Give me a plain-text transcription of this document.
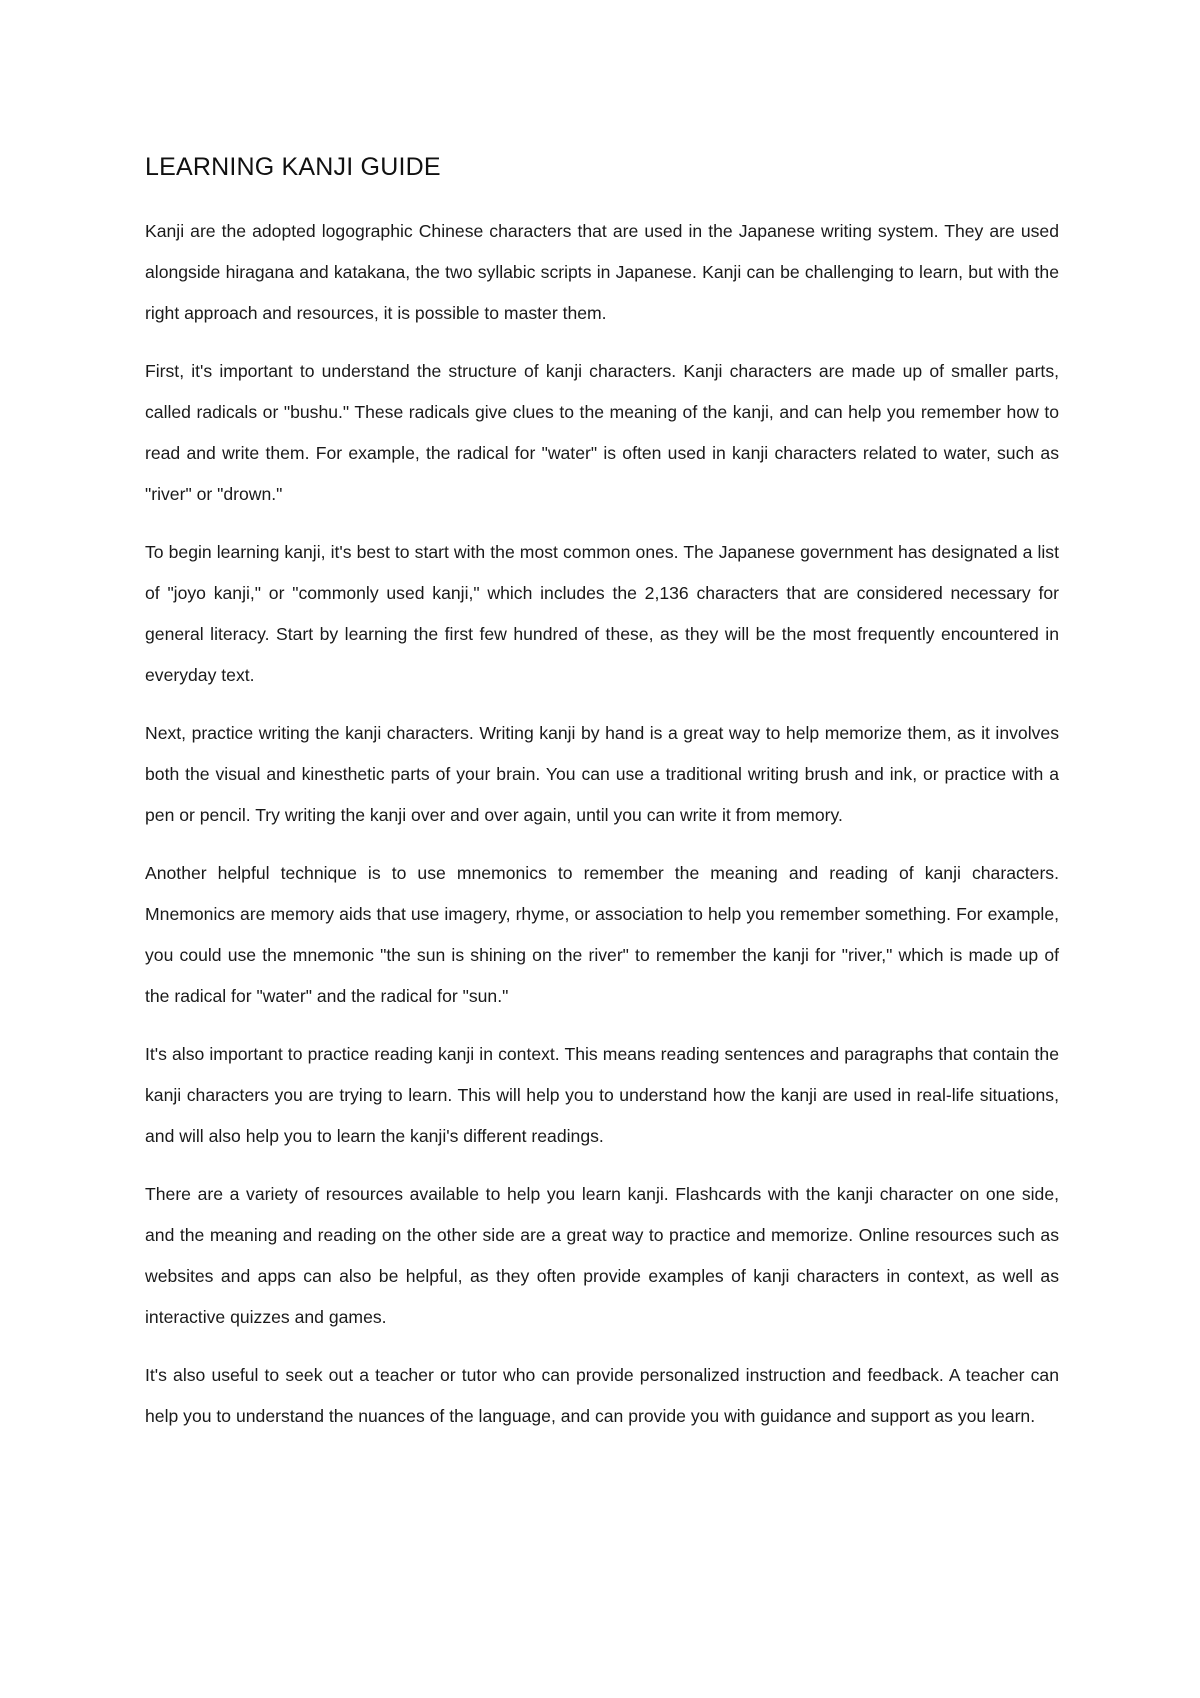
LEARNING KANJI GUIDE

Kanji are the adopted logographic Chinese characters that are used in the Japanese writing system. They are used alongside hiragana and katakana, the two syllabic scripts in Japanese. Kanji can be challenging to learn, but with the right approach and resources, it is possible to master them.

First, it's important to understand the structure of kanji characters. Kanji characters are made up of smaller parts, called radicals or "bushu." These radicals give clues to the meaning of the kanji, and can help you remember how to read and write them. For example, the radical for "water" is often used in kanji characters related to water, such as "river" or "drown."

To begin learning kanji, it's best to start with the most common ones. The Japanese government has designated a list of "joyo kanji," or "commonly used kanji," which includes the 2,136 characters that are considered necessary for general literacy. Start by learning the first few hundred of these, as they will be the most frequently encountered in everyday text.

Next, practice writing the kanji characters. Writing kanji by hand is a great way to help memorize them, as it involves both the visual and kinesthetic parts of your brain. You can use a traditional writing brush and ink, or practice with a pen or pencil. Try writing the kanji over and over again, until you can write it from memory.

Another helpful technique is to use mnemonics to remember the meaning and reading of kanji characters. Mnemonics are memory aids that use imagery, rhyme, or association to help you remember something. For example, you could use the mnemonic "the sun is shining on the river" to remember the kanji for "river," which is made up of the radical for "water" and the radical for "sun."

It's also important to practice reading kanji in context. This means reading sentences and paragraphs that contain the kanji characters you are trying to learn. This will help you to understand how the kanji are used in real-life situations, and will also help you to learn the kanji's different readings.

There are a variety of resources available to help you learn kanji. Flashcards with the kanji character on one side, and the meaning and reading on the other side are a great way to practice and memorize. Online resources such as websites and apps can also be helpful, as they often provide examples of kanji characters in context, as well as interactive quizzes and games.

It's also useful to seek out a teacher or tutor who can provide personalized instruction and feedback. A teacher can help you to understand the nuances of the language, and can provide you with guidance and support as you learn.
